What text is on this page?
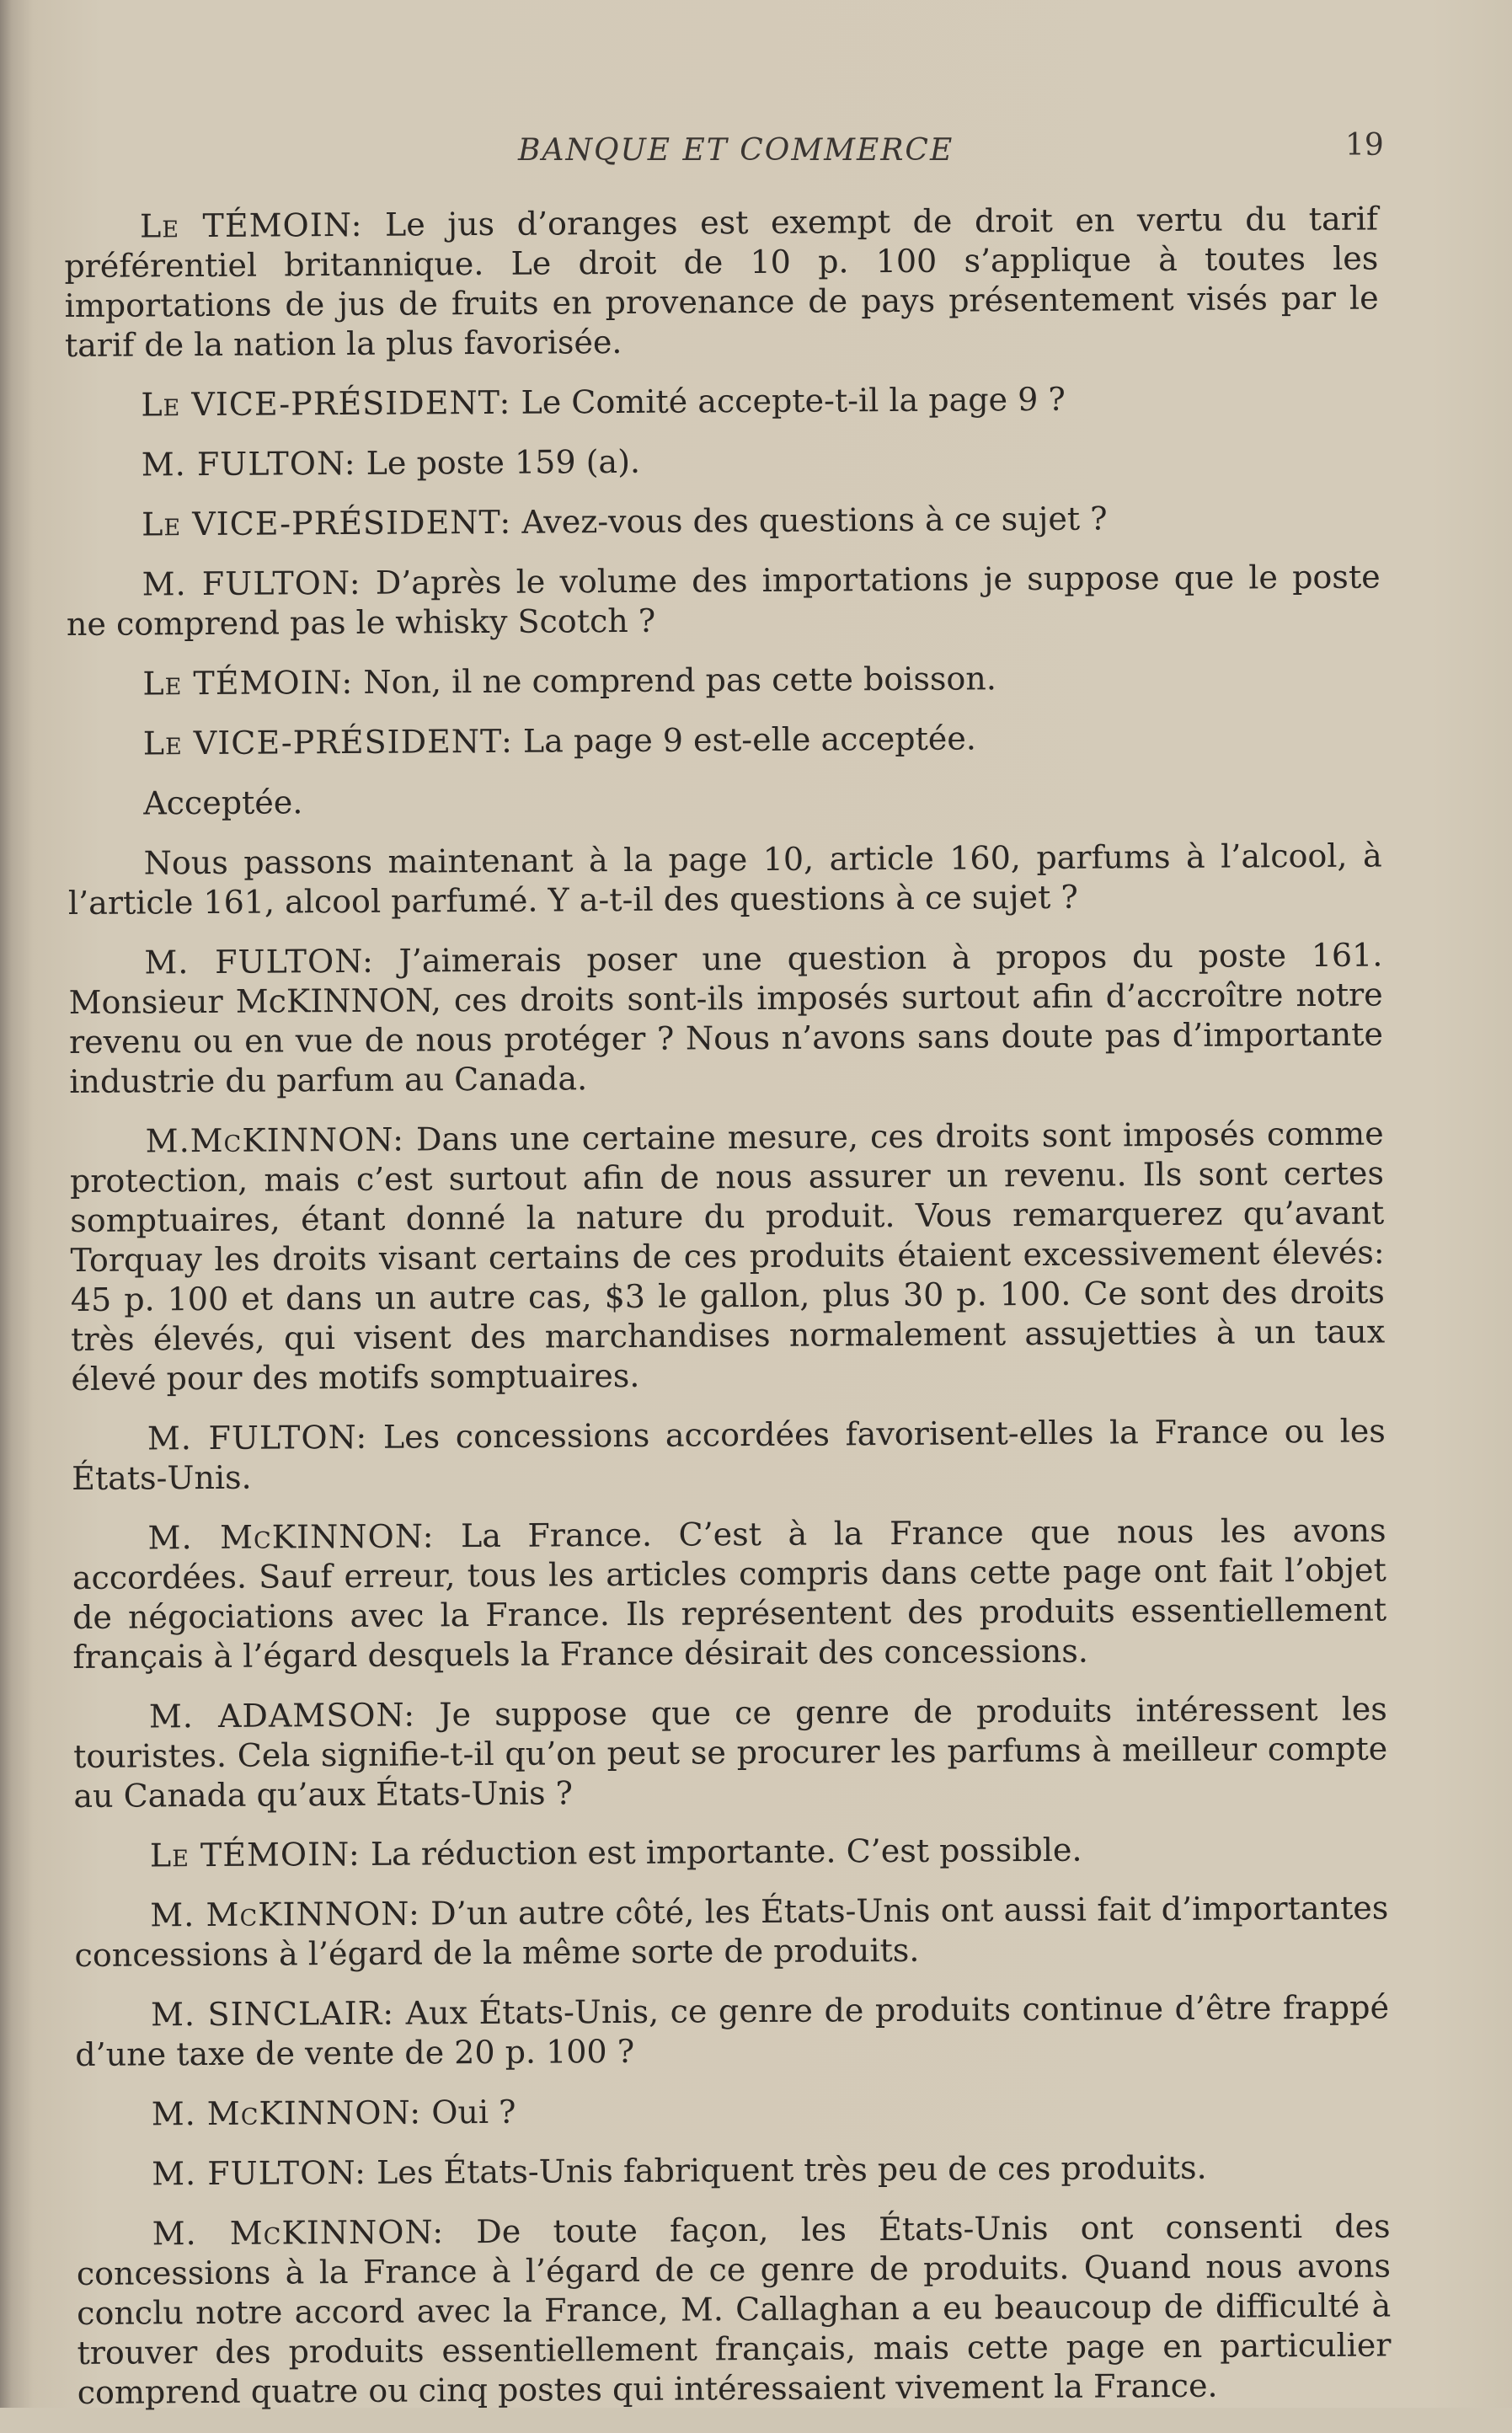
BANQUE ET COMMERCE	19

Le TÉMOIN: Le jus d’oranges est exempt de droit en vertu du tarif préférentiel britannique. Le droit de 10 p. 100 s’applique à toutes les importations de jus de fruits en provenance de pays présentement visés par le tarif de la nation la plus favorisée.

Le VICE-PRÉSIDENT: Le Comité accepte-t-il la page 9 ?

M. FULTON: Le poste 159 (a).

Le VICE-PRÉSIDENT: Avez-vous des questions à ce sujet ?

M. FULTON: D’après le volume des importations je suppose que le poste ne comprend pas le whisky Scotch ?

Le TÉMOIN: Non, il ne comprend pas cette boisson.

Le VICE-PRÉSIDENT: La page 9 est-elle acceptée.

Acceptée.

Nous passons maintenant à la page 10, article 160, parfums à l’alcool, à l’article 161, alcool parfumé. Y a-t-il des questions à ce sujet ?

M. FULTON: J’aimerais poser une question à propos du poste 161. Monsieur McKINNON, ces droits sont-ils imposés surtout afin d’accroître notre revenu ou en vue de nous protéger ? Nous n’avons sans doute pas d’importante industrie du parfum au Canada.

M.McKINNON: Dans une certaine mesure, ces droits sont imposés comme protection, mais c’est surtout afin de nous assurer un revenu. Ils sont certes somptuaires, étant donné la nature du produit. Vous remarquerez qu’avant Torquay les droits visant certains de ces produits étaient excessivement élevés: 45 p. 100 et dans un autre cas, $3 le gallon, plus 30 p. 100. Ce sont des droits très élevés, qui visent des marchandises normalement assujetties à un taux élevé pour des motifs somptuaires.

M. FULTON: Les concessions accordées favorisent-elles la France ou les États-Unis.

M. McKINNON: La France. C’est à la France que nous les avons accordées. Sauf erreur, tous les articles compris dans cette page ont fait l’objet de négociations avec la France. Ils représentent des produits essentiellement français à l’égard desquels la France désirait des concessions.

M. ADAMSON: Je suppose que ce genre de produits intéressent les touristes. Cela signifie-t-il qu’on peut se procurer les parfums à meilleur compte au Canada qu’aux États-Unis ?

Le TÉMOIN: La réduction est importante. C’est possible.

M. McKINNON: D’un autre côté, les États-Unis ont aussi fait d’importantes concessions à l’égard de la même sorte de produits.

M. SINCLAIR: Aux États-Unis, ce genre de produits continue d’être frappé d’une taxe de vente de 20 p. 100 ?

M. McKINNON: Oui ?

M. FULTON: Les États-Unis fabriquent très peu de ces produits.

M. McKINNON: De toute façon, les États-Unis ont consenti des concessions à la France à l’égard de ce genre de produits. Quand nous avons conclu notre accord avec la France, M. Callaghan a eu beaucoup de difficulté à trouver des produits essentiellement français, mais cette page en particulier comprend quatre ou cinq postes qui intéressaient vivement la France.
